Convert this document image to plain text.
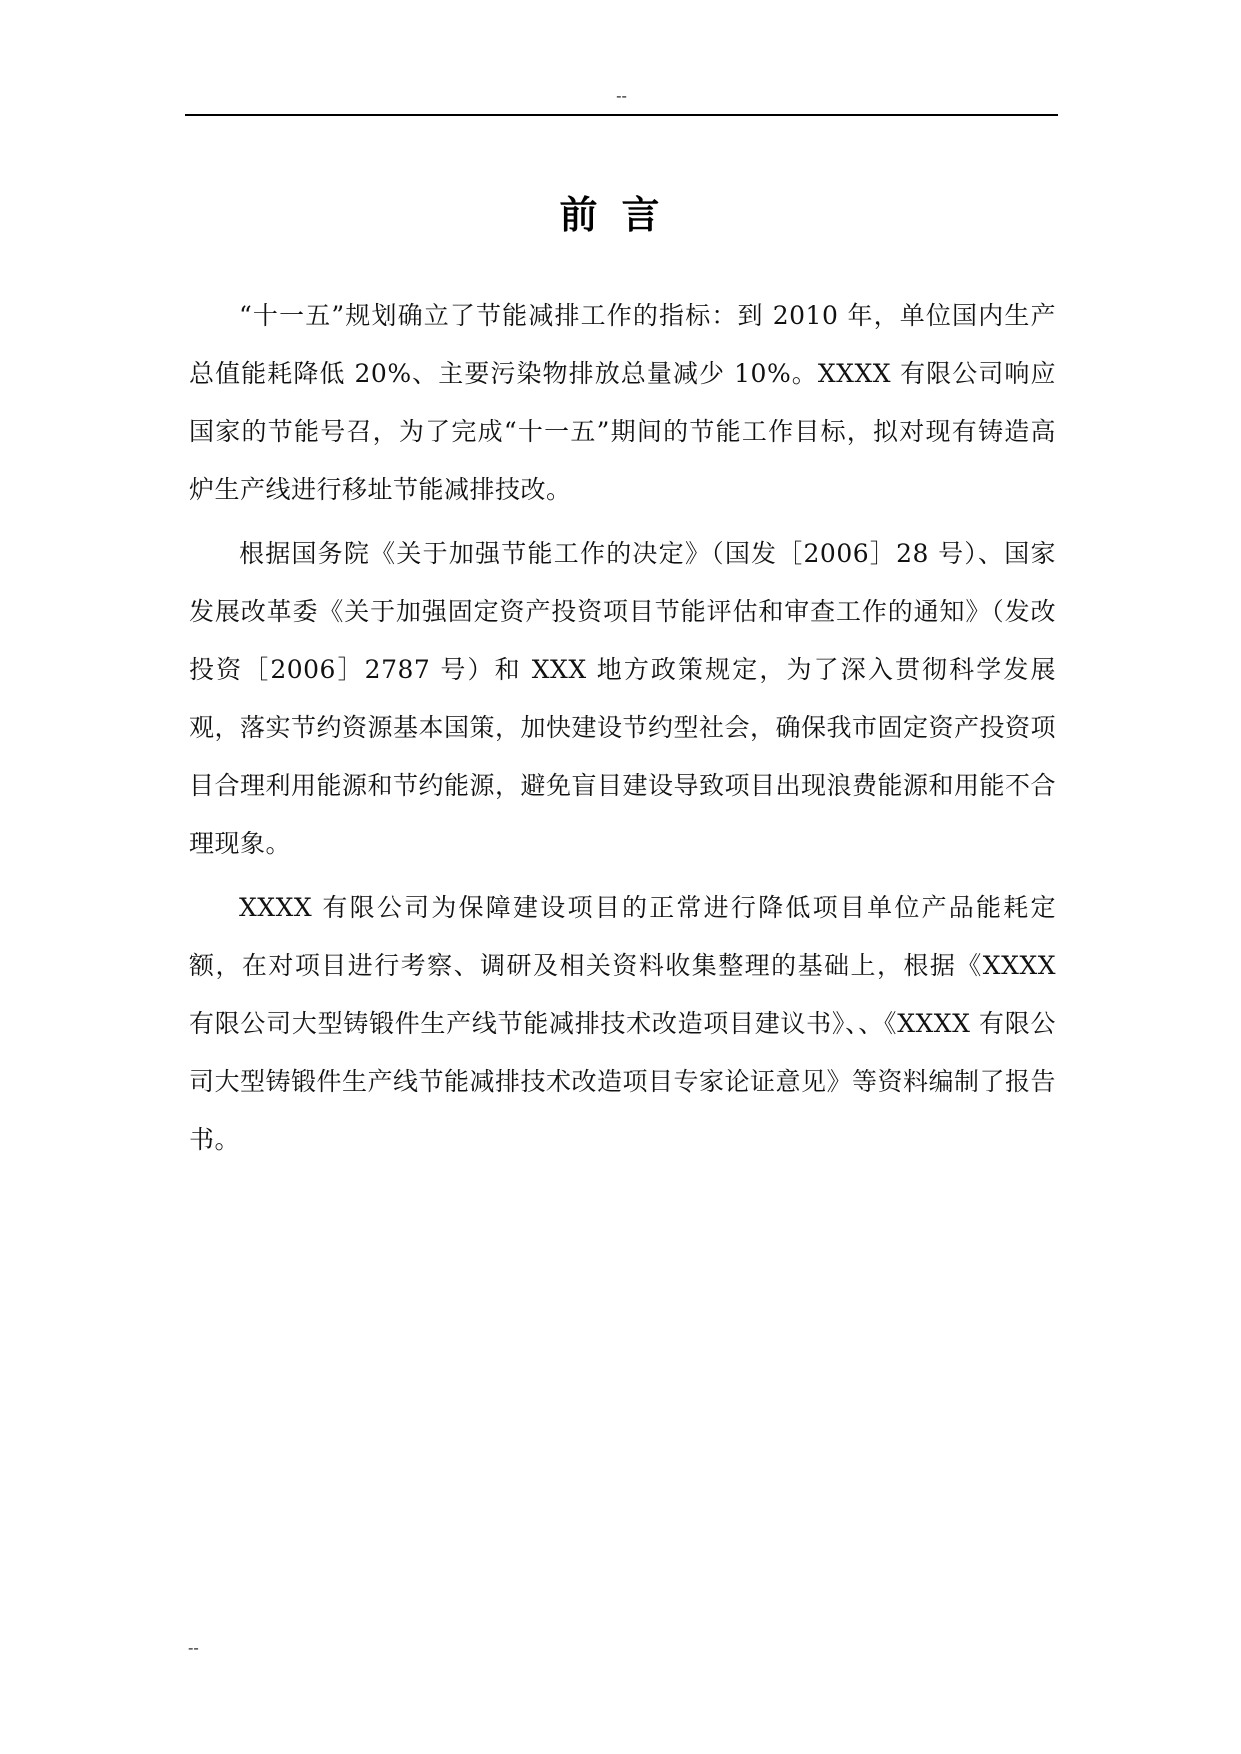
--
前言

“十一五”规划确立了节能减排工作的指标：到 2010 年，单位国内生产总值能耗降低 20%、主要污染物排放总量减少 10%。XXXX 有限公司响应国家的节能号召，为了完成“十一五”期间的节能工作目标，拟对现有铸造高炉生产线进行移址节能减排技改。

根据国务院《关于加强节能工作的决定》（国发［2006］28 号）、国家发展改革委《关于加强固定资产投资项目节能评估和审查工作的通知》（发改投资［2006］2787 号）和 XXX 地方政策规定，为了深入贯彻科学发展观，落实节约资源基本国策，加快建设节约型社会，确保我市固定资产投资项目合理利用能源和节约能源，避免盲目建设导致项目出现浪费能源和用能不合理现象。

XXXX 有限公司为保障建设项目的正常进行降低项目单位产品能耗定额，在对项目进行考察、调研及相关资料收集整理的基础上，根据《XXXX 有限公司大型铸锻件生产线节能减排技术改造项目建议书》、、《XXXX 有限公司大型铸锻件生产线节能减排技术改造项目专家论证意见》等资料编制了报告书。

--
